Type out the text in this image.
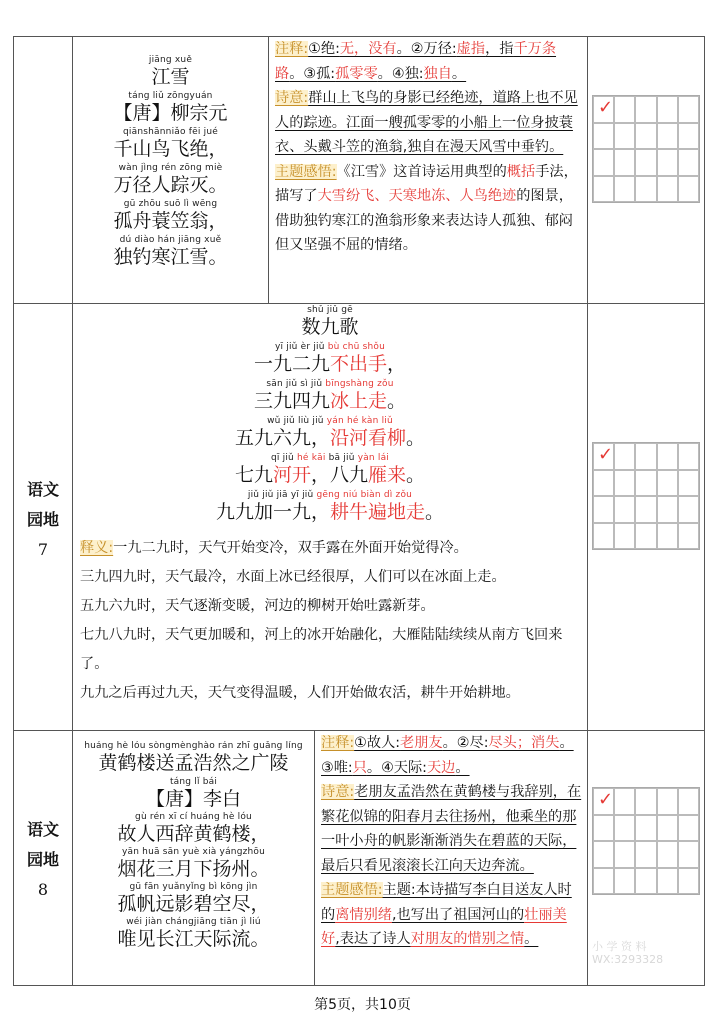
jiāng xuě
江雪
táng liǔ zōngyuán
【唐】柳宗元
qiānshānniǎo fēi jué
千山鸟飞绝，
wàn jìng rén zōng miè
万径人踪灭。
gū zhōu suō lì wēng
孤舟蓑笠翁，
dú diào hán jiāng xuě
独钓寒江雪。
注释:①绝:无，没有。②万径:虚指，指千万条路。③孤:孤零零。④独:独自。
诗意:群山上飞鸟的身影已经绝迹，道路上也不见人的踪迹。江面一艘孤零零的小船上一位身披蓑衣、头戴斗笠的渔翁,独自在漫天风雪中垂钓。
主题感悟:《江雪》这首诗运用典型的概括手法，描写了大雪纷飞、天寒地冻、人鸟绝迹的图景，借助独钓寒江的渔翁形象来表达诗人孤独、郁闷但又坚强不屈的情绪。
✓
语文
园地
7
shǔ jiǔ gē
数九歌
yī jiǔ èr jiǔ bù chū shǒu
一九二九不出手，
sān jiǔ sì jiǔ bīngshàng zǒu
三九四九冰上走。
wǔ jiǔ liù jiǔ yán hé kàn liǔ
五九六九，沿河看柳。
qī jiǔ hé kāi bā jiǔ yàn lái
七九河开，八九雁来。
jiǔ jiǔ jiā yī jiǔ gēng niú biàn dì zǒu
九九加一九，耕牛遍地走。
释义:一九二九时，天气开始变冷，双手露在外面开始觉得冷。
三九四九时，天气最冷，水面上冰已经很厚，人们可以在冰面上走。
五九六九时，天气逐渐变暖，河边的柳树开始吐露新芽。
七九八九时，天气更加暖和，河上的冰开始融化，大雁陆陆续续从南方飞回来了。
九九之后再过九天，天气变得温暖，人们开始做农活，耕牛开始耕地。
✓
语文
园地
8
huáng hè lóu sòngmènghào rán zhī guǎng líng
黄鹤楼送孟浩然之广陵
táng lǐ bái
【唐】李白
gù rén xī cí huáng hè lóu
故人西辞黄鹤楼，
yān huā sān yuè xià yángzhōu
烟花三月下扬州。
gū fān yuǎnyǐng bì kōng jìn
孤帆远影碧空尽，
wéi jiàn chángjiāng tiān jì liú
唯见长江天际流。
注释:①故人:老朋友。②尽:尽头；消失。③唯:只。④天际:天边。
诗意:老朋友孟浩然在黄鹤楼与我辞别，在繁花似锦的阳春月去往扬州，他乘坐的那一叶小舟的帆影渐渐消失在碧蓝的天际，最后只看见滚滚长江向天边奔流。
主题感悟:主题:本诗描写李白目送友人时的离情别绪,也写出了祖国河山的壮丽美好,表达了诗人对朋友的惜别之情。
✓
小 学 资 料
WX:3293328
第5页，共10页
